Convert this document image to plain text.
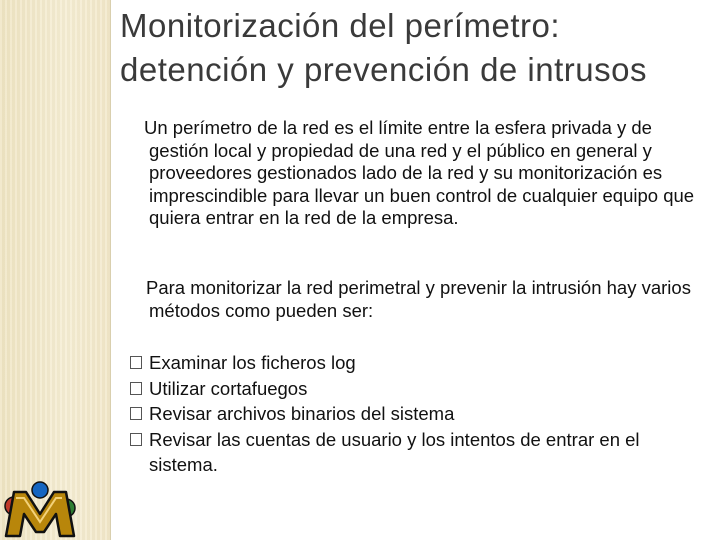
Monitorización del perímetro: detención y prevención de intrusos

Un perímetro de la red es el límite entre la esfera privada y de gestión local y propiedad de una red y el público en general y proveedores gestionados lado de la red y su monitorización es imprescindible para llevar un buen control de cualquier equipo que quiera entrar en la red de la empresa.

Para monitorizar la red perimetral y prevenir la intrusión hay varios métodos como pueden ser:

Examinar los ficheros log
Utilizar cortafuegos
Revisar archivos binarios del sistema
Revisar las cuentas de usuario y los intentos de entrar en el sistema.
